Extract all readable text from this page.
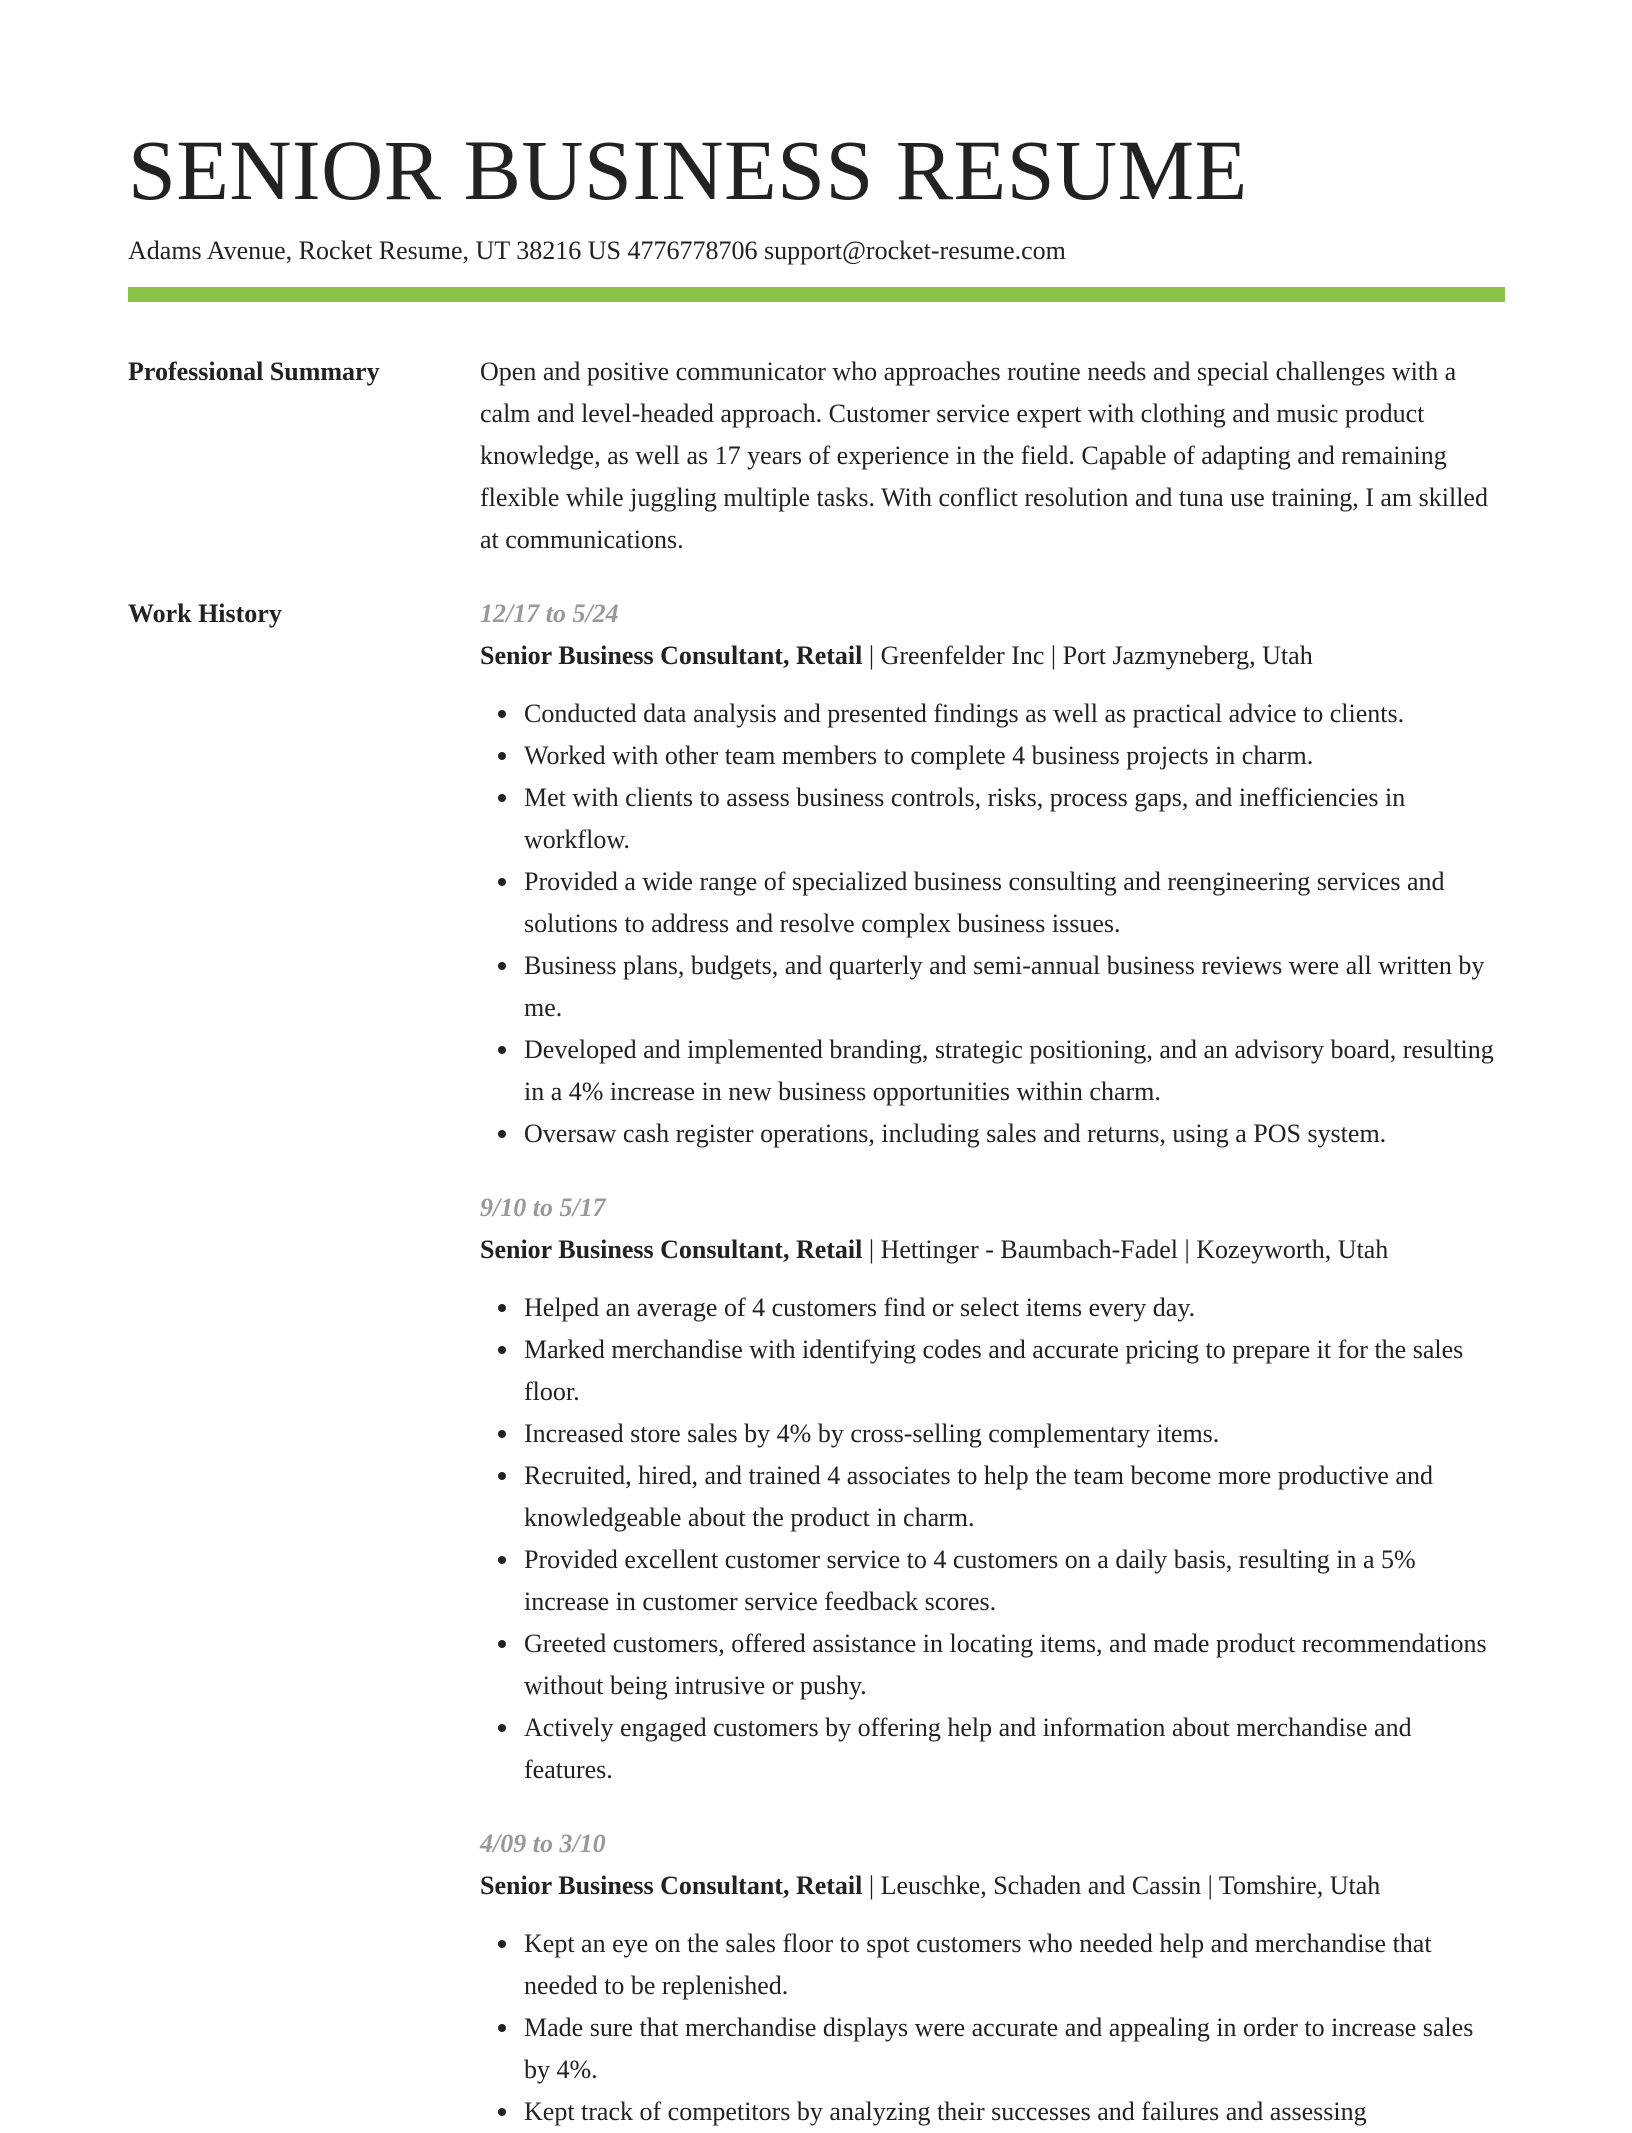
SENIOR BUSINESS RESUME
Adams Avenue, Rocket Resume, UT 38216 US 4776778706 support@rocket-resume.com
Professional Summary	Open and positive communicator who approaches routine needs and special challenges with a calm and level-headed approach. Customer service expert with clothing and music product knowledge, as well as 17 years of experience in the field. Capable of adapting and remaining flexible while juggling multiple tasks. With conflict resolution and tuna use training, I am skilled at communications.
Work History	12/17 to 5/24
Senior Business Consultant, Retail | Greenfelder Inc | Port Jazmyneberg, Utah
Conducted data analysis and presented findings as well as practical advice to clients.
Worked with other team members to complete 4 business projects in charm.
Met with clients to assess business controls, risks, process gaps, and inefficiencies in workflow.
Provided a wide range of specialized business consulting and reengineering services and solutions to address and resolve complex business issues.
Business plans, budgets, and quarterly and semi-annual business reviews were all written by me.
Developed and implemented branding, strategic positioning, and an advisory board, resulting in a 4% increase in new business opportunities within charm.
Oversaw cash register operations, including sales and returns, using a POS system.
9/10 to 5/17
Senior Business Consultant, Retail | Hettinger - Baumbach-Fadel | Kozeyworth, Utah
Helped an average of 4 customers find or select items every day.
Marked merchandise with identifying codes and accurate pricing to prepare it for the sales floor.
Increased store sales by 4% by cross-selling complementary items.
Recruited, hired, and trained 4 associates to help the team become more productive and knowledgeable about the product in charm.
Provided excellent customer service to 4 customers on a daily basis, resulting in a 5% increase in customer service feedback scores.
Greeted customers, offered assistance in locating items, and made product recommendations without being intrusive or pushy.
Actively engaged customers by offering help and information about merchandise and features.
4/09 to 3/10
Senior Business Consultant, Retail | Leuschke, Schaden and Cassin | Tomshire, Utah
Kept an eye on the sales floor to spot customers who needed help and merchandise that needed to be replenished.
Made sure that merchandise displays were accurate and appealing in order to increase sales by 4%.
Kept track of competitors by analyzing their successes and failures and assessing
